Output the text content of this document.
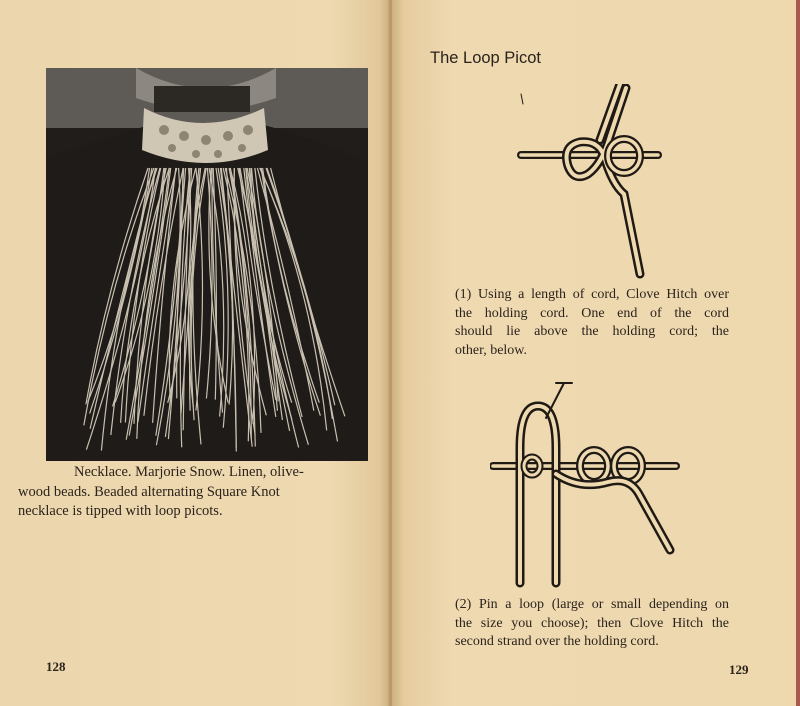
Necklace. Marjorie Snow. Linen, olive-
wood beads. Beaded alternating Square Knot
necklace is tipped with loop picots.
128
The Loop Picot
(1) Using a length of cord, Clove Hitch over
the holding cord. One end of the cord
should lie above the holding cord; the
other, below.
(2) Pin a loop (large or small depending on
the size you choose); then Clove Hitch the
second strand over the holding cord.
129
